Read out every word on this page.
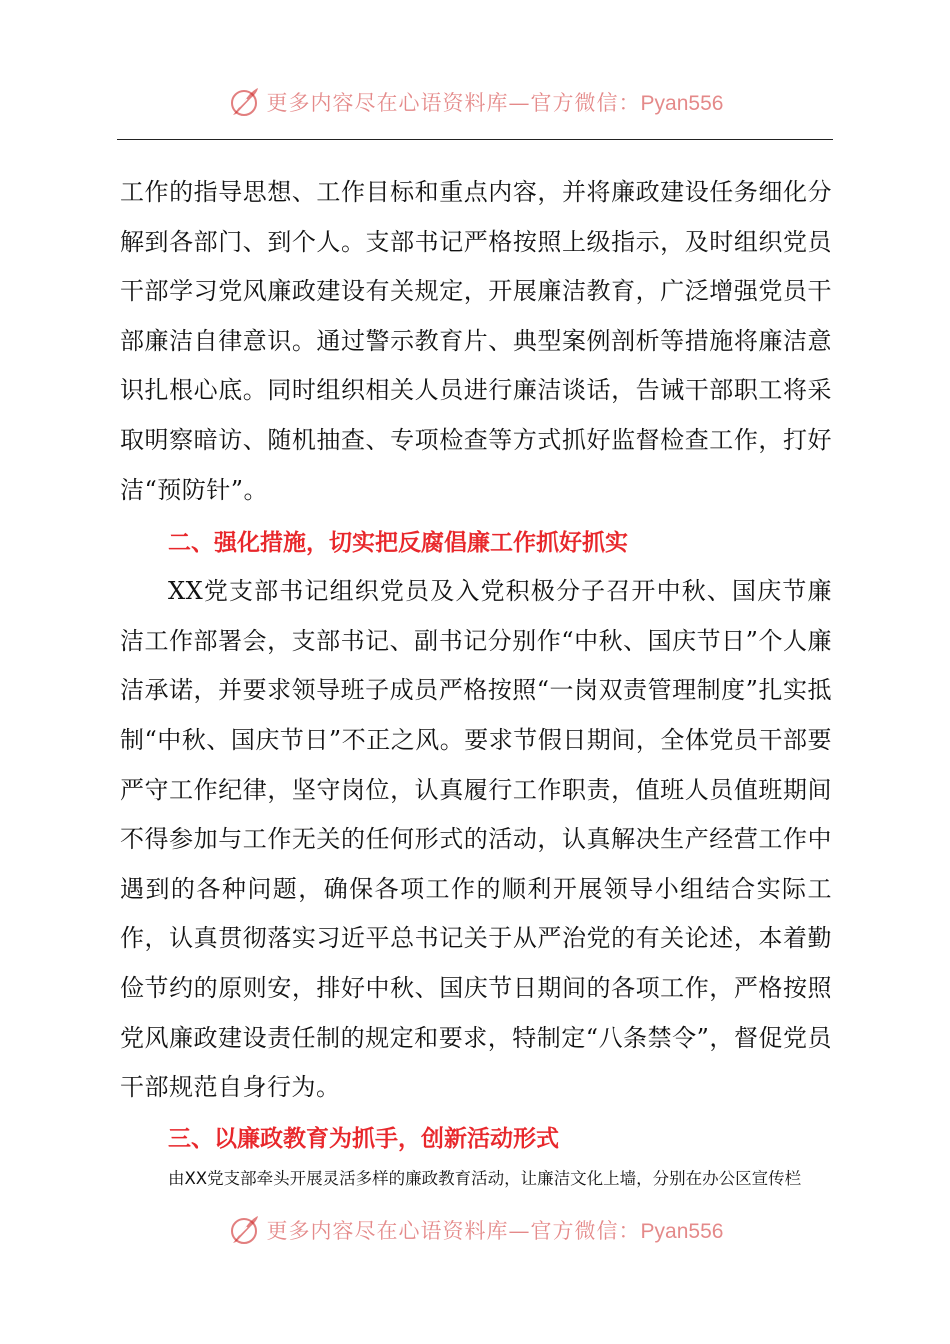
更多内容尽在心语资料库—官方微信：Pyan556

工作的指导思想、工作目标和重点内容，并将廉政建设任务细化分解到各部门、到个人。支部书记严格按照上级指示，及时组织党员干部学习党风廉政建设有关规定，开展廉洁教育，广泛增强党员干部廉洁自律意识。通过警示教育片、典型案例剖析等措施将廉洁意识扎根心底。同时组织相关人员进行廉洁谈话，告诫干部职工将采取明察暗访、随机抽查、专项检查等方式抓好监督检查工作，打好洁“预防针”。

二、强化措施，切实把反腐倡廉工作抓好抓实

XX党支部书记组织党员及入党积极分子召开中秋、国庆节廉洁工作部署会，支部书记、副书记分别作“中秋、国庆节日”个人廉洁承诺，并要求领导班子成员严格按照“一岗双责管理制度”扎实抵制“中秋、国庆节日”不正之风。要求节假日期间，全体党员干部要严守工作纪律，坚守岗位，认真履行工作职责，值班人员值班期间不得参加与工作无关的任何形式的活动，认真解决生产经营工作中遇到的各种问题，确保各项工作的顺利开展领导小组结合实际工作，认真贯彻落实习近平总书记关于从严治党的有关论述，本着勤俭节约的原则安，排好中秋、国庆节日期间的各项工作，严格按照党风廉政建设责任制的规定和要求，特制定“八条禁令”，督促党员干部规范自身行为。

三、以廉政教育为抓手，创新活动形式

由XX党支部牵头开展灵活多样的廉政教育活动，让廉洁文化上墙，分别在办公区宣传栏

更多内容尽在心语资料库—官方微信：Pyan556
